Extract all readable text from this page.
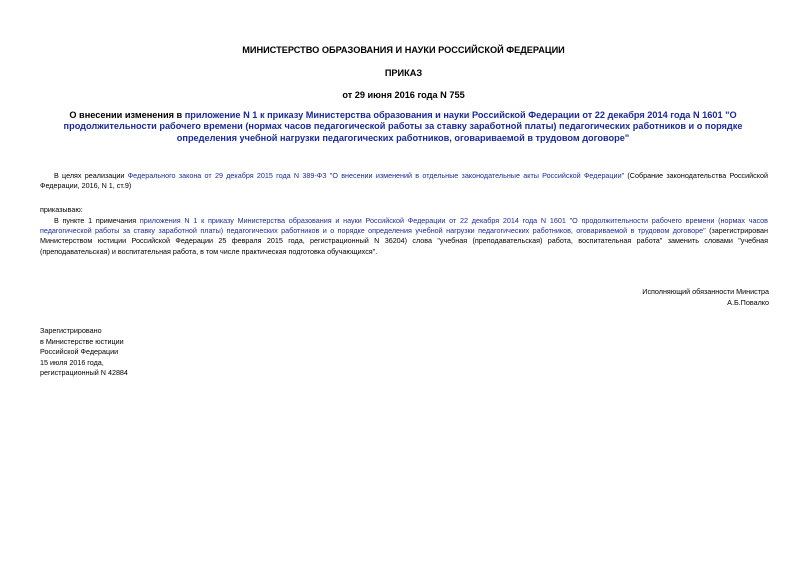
МИНИСТЕРСТВО ОБРАЗОВАНИЯ И НАУКИ РОССИЙСКОЙ ФЕДЕРАЦИИ
ПРИКАЗ
от 29 июня 2016 года N 755
О внесении изменения в приложение N 1 к приказу Министерства образования и науки Российской Федерации от 22 декабря 2014 года N 1601 "О продолжительности рабочего времени (нормах часов педагогической работы за ставку заработной платы) педагогических работников и о порядке определения учебной нагрузки педагогических работников, оговариваемой в трудовом договоре"
В целях реализации Федерального закона от 29 декабря 2015 года N 389-ФЗ "О внесении изменений в отдельные законодательные акты Российской Федерации" (Собрание законодательства Российской Федерации, 2016, N 1, ст.9)
приказываю:
В пункте 1 примечания приложения N 1 к приказу Министерства образования и науки Российской Федерации от 22 декабря 2014 года N 1601 "О продолжительности рабочего времени (нормах часов педагогической работы за ставку заработной платы) педагогических работников и о порядке определения учебной нагрузки педагогических работников, оговариваемой в трудовом договоре" (зарегистрирован Министерством юстиции Российской Федерации 25 февраля 2015 года, регистрационный N 36204) слова "учебная (преподавательская) работа, воспитательная работа" заменить словами "учебная (преподавательская) и воспитательная работа, в том числе практическая подготовка обучающихся".
Исполняющий обязанности Министра
А.Б.Повалко
Зарегистрировано
в Министерстве юстиции
Российской Федерации
15 июля 2016 года,
регистрационный N 42884
